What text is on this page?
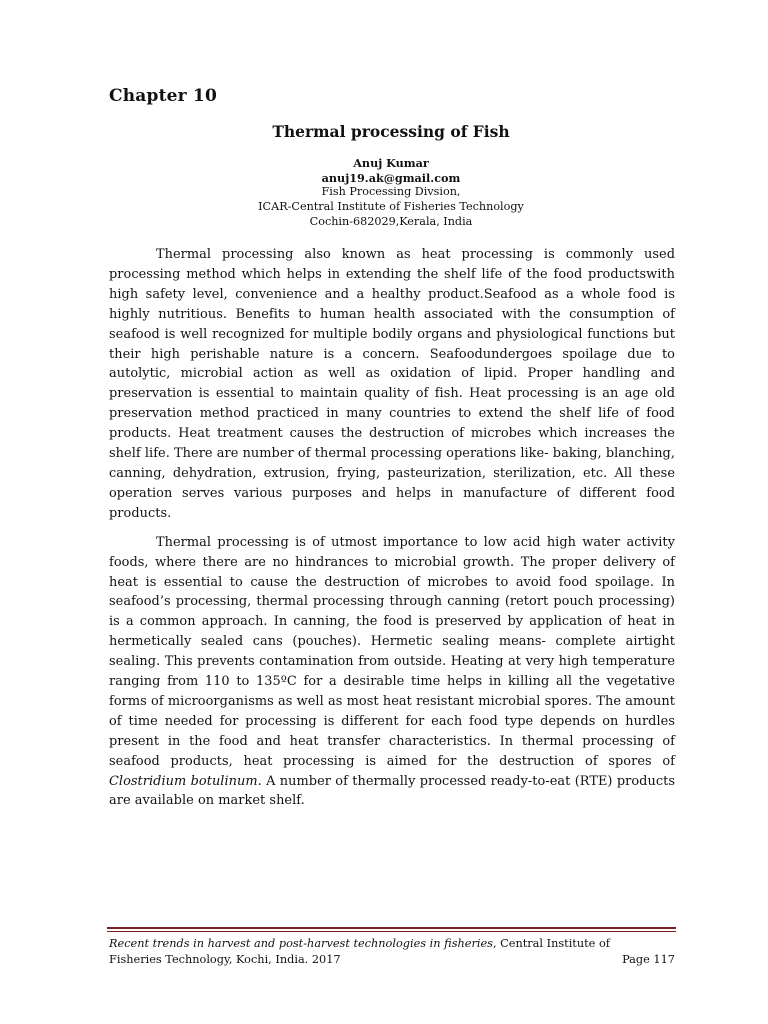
Chapter 10
Thermal processing of Fish
Anuj Kumar
anuj19.ak@gmail.com
Fish Processing Divsion,
ICAR-Central Institute of Fisheries Technology
Cochin-682029,Kerala, India

Thermal processing also known as heat processing is commonly used processing method which helps in extending the shelf life of the food productswith high safety level, convenience and a healthy product.Seafood as a whole food is highly nutritious. Benefits to human health associated with the consumption of seafood is well recognized for multiple bodily organs and physiological functions but their high perishable nature is a concern. Seafoodundergoes spoilage due to autolytic, microbial action as well as oxidation of lipid. Proper handling and preservation is essential to maintain quality of fish. Heat processing is an age old preservation method practiced in many countries to extend the shelf life of food products. Heat treatment causes the destruction of microbes which increases the shelf life. There are number of thermal processing operations like- baking, blanching, canning, dehydration, extrusion, frying, pasteurization, sterilization, etc. All these operation serves various purposes and helps in manufacture of different food products.

Thermal processing is of utmost importance to low acid high water activity foods, where there are no hindrances to microbial growth. The proper delivery of heat is essential to cause the destruction of microbes to avoid food spoilage. In seafood’s processing, thermal processing through canning (retort pouch processing) is a common approach. In canning, the food is preserved by application of heat in hermetically sealed cans (pouches). Hermetic sealing means- complete airtight sealing. This prevents contamination from outside. Heating at very high temperature ranging from 110 to 135ºC for a desirable time helps in killing all the vegetative forms of microorganisms as well as most heat resistant microbial spores. The amount of time needed for processing is different for each food type depends on hurdles present in the food and heat transfer characteristics. In thermal processing of seafood products, heat processing is aimed for the destruction of spores of Clostridium botulinum. A number of thermally processed ready-to-eat (RTE) products are available on market shelf.

Recent trends in harvest and post-harvest technologies in fisheries, Central Institute of
Fisheries Technology, Kochi, India. 2017	Page 117
